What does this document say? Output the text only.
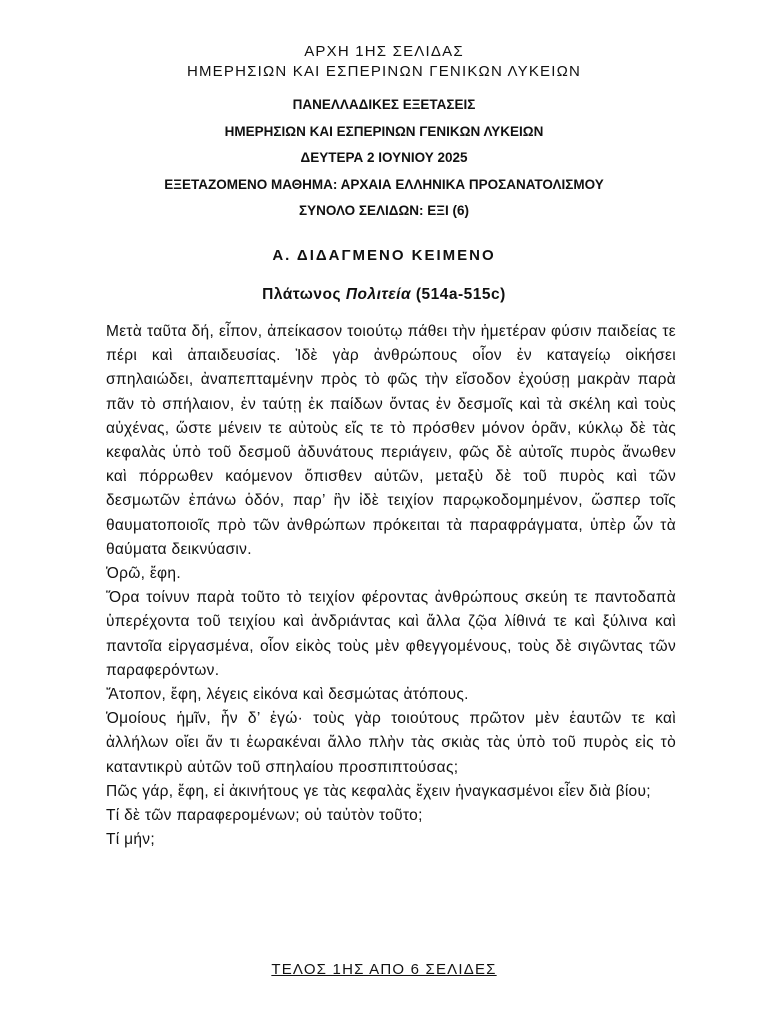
ΑΡΧΗ 1ΗΣ ΣΕΛΙΔΑΣ
ΗΜΕΡΗΣΙΩΝ ΚΑΙ ΕΣΠΕΡΙΝΩΝ ΓΕΝΙΚΩΝ ΛΥΚΕΙΩΝ
ΠΑΝΕΛΛΑΔΙΚΕΣ ΕΞΕΤΑΣΕΙΣ
ΗΜΕΡΗΣΙΩΝ ΚΑΙ ΕΣΠΕΡΙΝΩΝ ΓΕΝΙΚΩΝ ΛΥΚΕΙΩΝ
ΔΕΥΤΕΡΑ 2 ΙΟΥΝΙΟΥ 2025
ΕΞΕΤΑΖΟΜΕΝΟ ΜΑΘΗΜΑ: ΑΡΧΑΙΑ ΕΛΛΗΝΙΚΑ ΠΡΟΣΑΝΑΤΟΛΙΣΜΟΥ
ΣΥΝΟΛΟ ΣΕΛΙΔΩΝ: ΕΞΙ (6)
Α. ΔΙΔΑΓΜΕΝΟ ΚΕΙΜΕΝΟ
Πλάτωνος Πολιτεία (514a-515c)

Μετὰ ταῦτα δή, εἶπον, ἀπείκασον τοιούτῳ πάθει τὴν ἡμετέραν φύσιν παιδείας τε πέρι καὶ ἀπαιδευσίας. Ἰδὲ γὰρ ἀνθρώπους οἷον ἐν καταγείῳ οἰκήσει σπηλαιώδει, ἀναπεπταμένην πρὸς τὸ φῶς τὴν εἴσοδον ἐχούσῃ μακρὰν παρὰ πᾶν τὸ σπήλαιον, ἐν ταύτῃ ἐκ παίδων ὄντας ἐν δεσμοῖς καὶ τὰ σκέλη καὶ τοὺς αὐχένας, ὥστε μένειν τε αὐτοὺς εἴς τε τὸ πρόσθεν μόνον ὁρᾶν, κύκλῳ δὲ τὰς κεφαλὰς ὑπὸ τοῦ δεσμοῦ ἀδυνάτους περιάγειν, φῶς δὲ αὐτοῖς πυρὸς ἄνωθεν καὶ πόρρωθεν καόμενον ὄπισθεν αὐτῶν, μεταξὺ δὲ τοῦ πυρὸς καὶ τῶν δεσμωτῶν ἐπάνω ὁδόν, παρ’ ἣν ἰδὲ τειχίον παρῳκοδομημένον, ὥσπερ τοῖς θαυματοποιοῖς πρὸ τῶν ἀνθρώπων πρόκειται τὰ παραφράγματα, ὑπὲρ ὧν τὰ θαύματα δεικνύασιν.

Ὁρῶ, ἔφη.

Ὅρα τοίνυν παρὰ τοῦτο τὸ τειχίον φέροντας ἀνθρώπους σκεύη τε παντοδαπὰ ὑπερέχοντα τοῦ τειχίου καὶ ἀνδριάντας καὶ ἄλλα ζῷα λίθινά τε καὶ ξύλινα καὶ παντοῖα εἰργασμένα, οἷον εἰκὸς τοὺς μὲν φθεγγομένους, τοὺς δὲ σιγῶντας τῶν παραφερόντων.

Ἄτοπον, ἔφη, λέγεις εἰκόνα καὶ δεσμώτας ἀτόπους.

Ὁμοίους ἡμῖν, ἦν δ’ ἐγώ· τοὺς γὰρ τοιούτους πρῶτον μὲν ἑαυτῶν τε καὶ ἀλλήλων οἴει ἄν τι ἑωρακέναι ἄλλο πλὴν τὰς σκιὰς τὰς ὑπὸ τοῦ πυρὸς εἰς τὸ καταντικρὺ αὐτῶν τοῦ σπηλαίου προσπιπτούσας;

Πῶς γάρ, ἔφη, εἰ ἀκινήτους γε τὰς κεφαλὰς ἔχειν ἠναγκασμένοι εἶεν διὰ βίου;

Τί δὲ τῶν παραφερομένων; οὐ ταὐτὸν τοῦτο;

Τί μήν;

ΤΕΛΟΣ 1ΗΣ ΑΠΟ 6 ΣΕΛΙΔΕΣ
